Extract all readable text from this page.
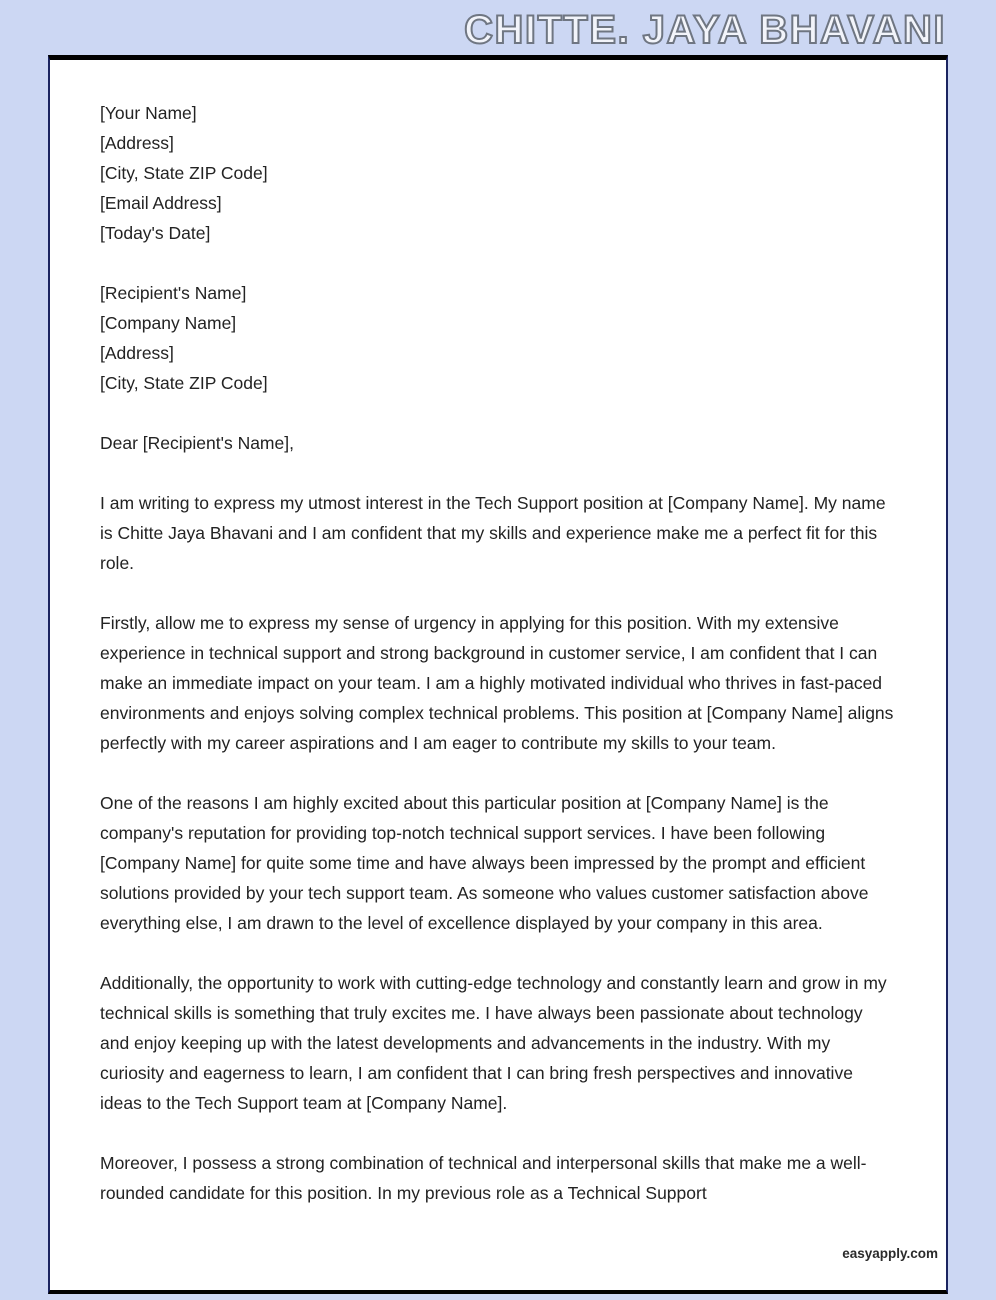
CHITTE. JAYA BHAVANI
[Your Name]
[Address]
[City, State ZIP Code]
[Email Address]
[Today's Date]
[Recipient's Name]
[Company Name]
[Address]
[City, State ZIP Code]

Dear [Recipient's Name],

I am writing to express my utmost interest in the Tech Support position at [Company Name]. My name is Chitte Jaya Bhavani and I am confident that my skills and experience make me a perfect fit for this role.

Firstly, allow me to express my sense of urgency in applying for this position. With my extensive experience in technical support and strong background in customer service, I am confident that I can make an immediate impact on your team. I am a highly motivated individual who thrives in fast-paced environments and enjoys solving complex technical problems. This position at [Company Name] aligns perfectly with my career aspirations and I am eager to contribute my skills to your team.

One of the reasons I am highly excited about this particular position at [Company Name] is the company's reputation for providing top-notch technical support services. I have been following [Company Name] for quite some time and have always been impressed by the prompt and efficient solutions provided by your tech support team. As someone who values customer satisfaction above everything else, I am drawn to the level of excellence displayed by your company in this area.

Additionally, the opportunity to work with cutting-edge technology and constantly learn and grow in my technical skills is something that truly excites me. I have always been passionate about technology and enjoy keeping up with the latest developments and advancements in the industry. With my curiosity and eagerness to learn, I am confident that I can bring fresh perspectives and innovative ideas to the Tech Support team at [Company Name].

Moreover, I possess a strong combination of technical and interpersonal skills that make me a well-rounded candidate for this position. In my previous role as a Technical Support

easyapply.com
